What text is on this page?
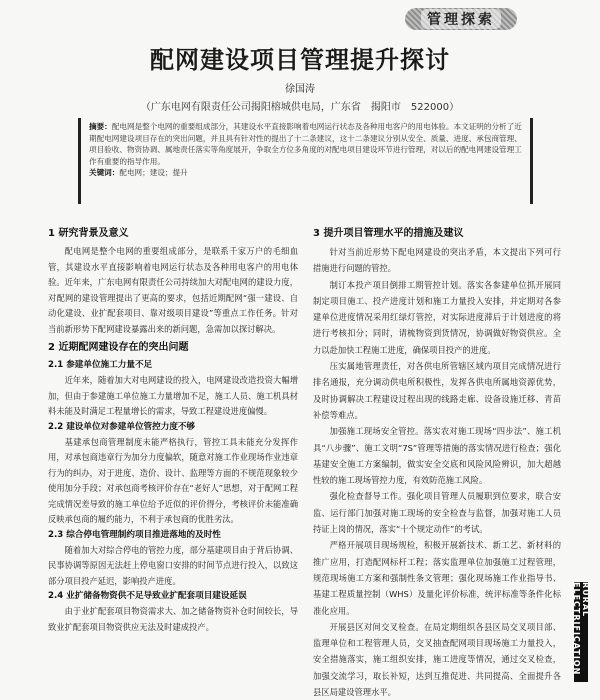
管理探索
配网建设项目管理提升探讨
徐国涛
（广东电网有限责任公司揭阳榕城供电局，广东省　揭阳市　522000）
摘要：配电网是整个电网的重要组成部分，其建设水平直接影响着电网运行状态及各种用电客户的用电体验。本文证明的分析了近期配电网建设项目存在的突出问题，并且具有针对性的提出了十二条建议，这十二条建议分别从安全、质量、进度、承包商管理、项目验收、物资协调、属地责任落实等角度展开，争取全方位多角度的对配电项目建设环节进行管理，对以后的配电网建设管理工作有重要的指导作用。
关键词：配电网；建设；提升
1 研究背景及意义

配电网是整个电网的重要组成部分，是联系千家万户的毛细血管，其建设水平直接影响着电网运行状态及各种用电客户的用电体验。近年来，广东电网有限责任公司持续加大对配电网的建设力度，对配网的建设管理提出了更高的要求，包括近期配网“强一建设、自动化建设、业扩配套项目、靠对级项目建设”等重点工作任务。针对当前新形势下配网建设暴露出来的新问题，急需加以探讨解决。

2 近期配网建设存在的突出问题
2.1 参建单位施工力量不足

近年来，随着加大对电网建设的投入，电网建设改造投资大幅增加，但由于参建施工单位施工力量增加不足，施工人员、施工机具材料未能及时满足工程量增长的需求，导致工程建设进度偏慢。

2.2 建设单位对参建单位管控力度不够

基建承包商管理制度未能严格执行，管控工具未能充分发挥作用，对承包商违章行为加分力度偏软，随意对施工作业现场作业违章行为的纠办，对于进度、造价、设计、监理等方面的不规范现象较少使用加分手段；对承包商考核评价存在“老好人”思想，对于配网工程完成情况差导致的施工单位给予近似的评价得分，考核评价未能准确反映承包商的履约能力，不利于承包商的优胜劣汰。

2.3 综合停电管理制约项目推进落地的及时性

随着加大对综合停电的管控力度，部分基建项目由于背后协调、民事协调等原因无法赶上停电窗口安排的时间节点进行投入，以致这部分项目投产延迟，影响投产进度。

2.4 业扩储备物资供不足导致业扩配套项目建设延误

由于业扩配套项目物资需求大、加之储备物资补仓时间较长，导致业扩配套项目物资供应无法及时建成投产。

3 提升项目管理水平的措施及建议

针对当前近形势下配电网建设的突出矛盾，本文提出下列可行措施进行问题的管控。

制订本投产项目倒排工期管控计划。落实各参建单位抓开展同制定项目施工、投产进度计划和施工力量投入安排，并定期对各参建单位进度情况采用红绿灯管控，对实际进度滞后于计划进度的将进行考核扣分；同时，请梳物资到货情况，协调做好物资供应。全力以赴加快工程施工进度，确保项目投产的进度。

压实属地管理责任，对各供电所管辖区域内项目完成情况进行排名通报，充分调动供电所积极性，发挥各供电所属地资源优势，及时协调解决工程建设过程出现的线路走廊、设备设施迁移、青苗补偿等难点。

加强施工现场安全管控。落实农对施工现场“四步法”、施工机具“八步骤”、施工文明“7S”管理等措施的落实情况进行检查；强化基建安全施工方案编制，做实安全交底和风险风险辨识，加大超越性较的施工现场管控力度，有效防范施工风险。

强化检查督导工作。强化项目管理人员履职到位要求，联合安监、运行部门加强对施工现场的安全检查与监督，加强对施工人员持证上岗的情况，落实“十个规定动作”的考试。

严格开展项目现场规检，积极开展新技术、新工艺、新材料的推广应用，打造配网标杆工程；落实监理单位加强施工过程管理，规范现场施工方案和强制性条文管理；强化现场施工作业指导书、基建工程质量控制（WHS）及量化评价标准，统评标准等条件化标准化应用。

开展县区对间交叉检查。在局定期组织各县区局交叉项目部、监理单位和工程管理人员，交叉抽查配网项目现场施工力量投入，安全措施落实，施工组织安排，施工进度等情况，通过交叉检查，加强交流学习，取长补短，达到互推促进、共同提高、全面提升各县区局建设管理水平。

RURAL ELECTRIFICATION
